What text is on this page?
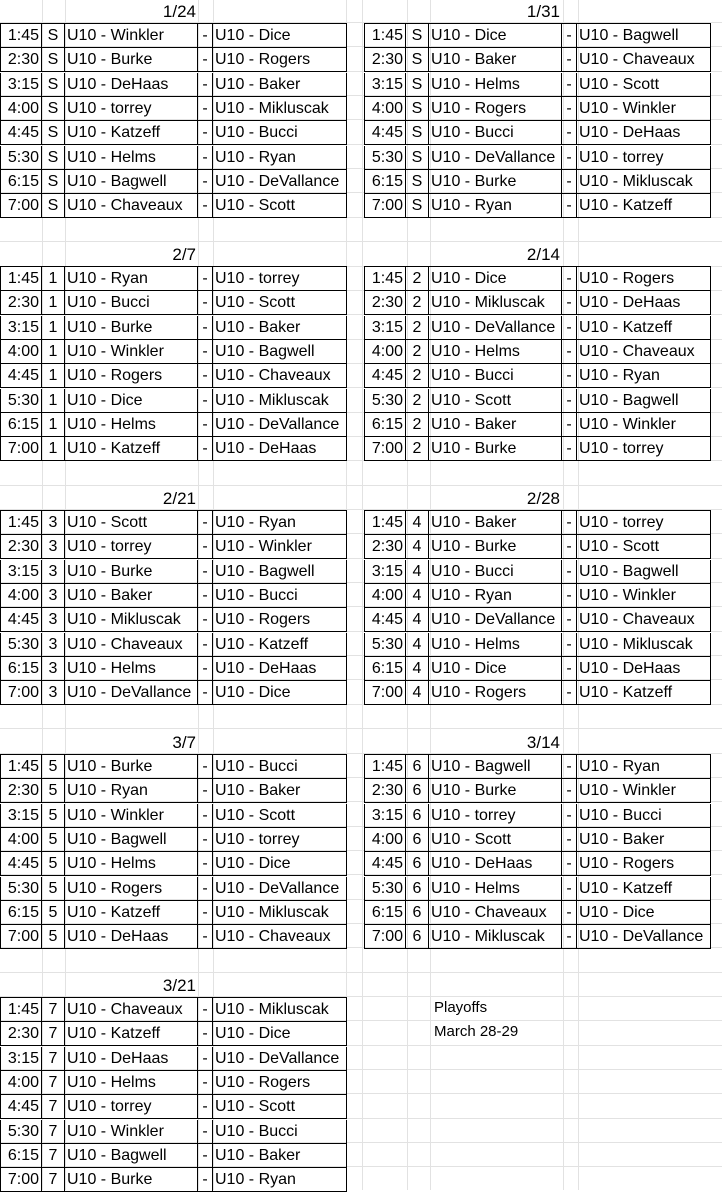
1/24
1:45 S U10 - Winkler	- U10 - Dice
2:30 S U10 - Burke	- U10 - Rogers
3:15 S U10 - DeHaas	- U10 - Baker
4:00 S U10 - torrey	- U10 - Mikluscak
4:45 S U10 - Katzeff	- U10 - Bucci
5:30 S U10 - Helms	- U10 - Ryan
6:15 S U10 - Bagwell	- U10 - DeVallance
7:00 S U10 - Chaveaux	- U10 - Scott
1/31
1:45 S U10 - Dice	- U10 - Bagwell
2:30 S U10 - Baker	- U10 - Chaveaux
3:15 S U10 - Helms	- U10 - Scott
4:00 S U10 - Rogers	- U10 - Winkler
4:45 S U10 - Bucci	- U10 - DeHaas
5:30 S U10 - DeVallance - U10 - torrey
6:15 S U10 - Burke	- U10 - Mikluscak
7:00 S U10 - Ryan	- U10 - Katzeff
2/7
1:45 1 U10 - Ryan	- U10 - torrey
2:30 1 U10 - Bucci	- U10 - Scott
3:15 1 U10 - Burke	- U10 - Baker
4:00 1 U10 - Winkler	- U10 - Bagwell
4:45 1 U10 - Rogers	- U10 - Chaveaux
5:30 1 U10 - Dice	- U10 - Mikluscak
6:15 1 U10 - Helms	- U10 - DeVallance
7:00 1 U10 - Katzeff	- U10 - DeHaas
2/14
1:45 2 U10 - Dice	- U10 - Rogers
2:30 2 U10 - Mikluscak	- U10 - DeHaas
3:15 2 U10 - DeVallance - U10 - Katzeff
4:00 2 U10 - Helms	- U10 - Chaveaux
4:45 2 U10 - Bucci	- U10 - Ryan
5:30 2 U10 - Scott	- U10 - Bagwell
6:15 2 U10 - Baker	- U10 - Winkler
7:00 2 U10 - Burke	- U10 - torrey
2/21
1:45 3 U10 - Scott	- U10 - Ryan
2:30 3 U10 - torrey	- U10 - Winkler
3:15 3 U10 - Burke	- U10 - Bagwell
4:00 3 U10 - Baker	- U10 - Bucci
4:45 3 U10 - Mikluscak	- U10 - Rogers
5:30 3 U10 - Chaveaux	- U10 - Katzeff
6:15 3 U10 - Helms	- U10 - DeHaas
7:00 3 U10 - DeVallance - U10 - Dice
2/28
1:45 4 U10 - Baker	- U10 - torrey
2:30 4 U10 - Burke	- U10 - Scott
3:15 4 U10 - Bucci	- U10 - Bagwell
4:00 4 U10 - Ryan	- U10 - Winkler
4:45 4 U10 - DeVallance - U10 - Chaveaux
5:30 4 U10 - Helms	- U10 - Mikluscak
6:15 4 U10 - Dice	- U10 - DeHaas
7:00 4 U10 - Rogers	- U10 - Katzeff
3/7
1:45 5 U10 - Burke	- U10 - Bucci
2:30 5 U10 - Ryan	- U10 - Baker
3:15 5 U10 - Winkler	- U10 - Scott
4:00 5 U10 - Bagwell	- U10 - torrey
4:45 5 U10 - Helms	- U10 - Dice
5:30 5 U10 - Rogers	- U10 - DeVallance
6:15 5 U10 - Katzeff	- U10 - Mikluscak
7:00 5 U10 - DeHaas	- U10 - Chaveaux
3/14
1:45 6 U10 - Bagwell	- U10 - Ryan
2:30 6 U10 - Burke	- U10 - Winkler
3:15 6 U10 - torrey	- U10 - Bucci
4:00 6 U10 - Scott	- U10 - Baker
4:45 6 U10 - DeHaas	- U10 - Rogers
5:30 6 U10 - Helms	- U10 - Katzeff
6:15 6 U10 - Chaveaux	- U10 - Dice
7:00 6 U10 - Mikluscak	- U10 - DeVallance
3/21
1:45 7 U10 - Chaveaux	- U10 - Mikluscak
2:30 7 U10 - Katzeff	- U10 - Dice
3:15 7 U10 - DeHaas	- U10 - DeVallance
4:00 7 U10 - Helms	- U10 - Rogers
4:45 7 U10 - torrey	- U10 - Scott
5:30 7 U10 - Winkler	- U10 - Bucci
6:15 7 U10 - Bagwell	- U10 - Baker
7:00 7 U10 - Burke	- U10 - Ryan
Playoffs
March 28-29
